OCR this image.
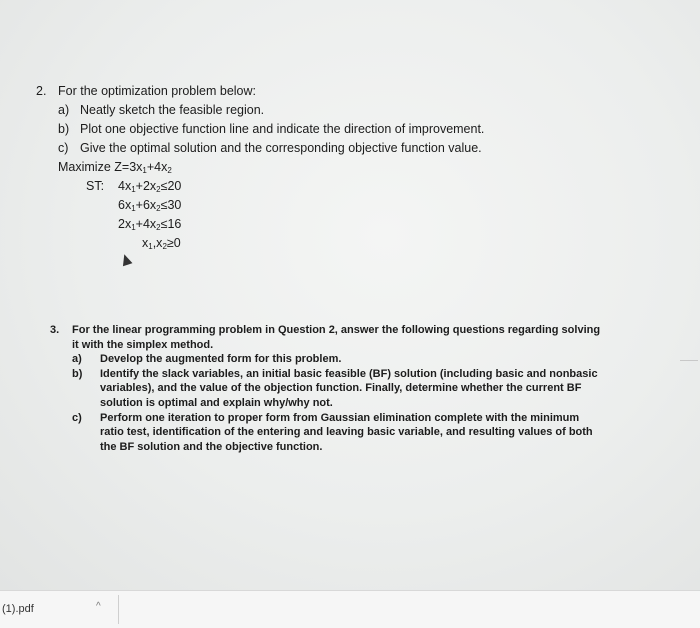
2. For the optimization problem below:
a) Neatly sketch the feasible region.
b) Plot one objective function line and indicate the direction of improvement.
c) Give the optimal solution and the corresponding objective function value.
Maximize $Z=3x_1+4x_2$
ST:	$4x_1+2x_2\le 20$
$6x_1+6x_2\le 30$
$2x_1+4x_2\le 16$
$x_1,x_2\ge 0$
3.	For the linear programming problem in Question 2, answer the following questions regarding solving
it with the simplex method.
a)	Develop the augmented form for this problem.
b)	Identify the slack variables, an initial basic feasible (BF) solution (including basic and nonbasic
variables), and the value of the objection function. Finally, determine whether the current BF
solution is optimal and explain why/why not.
c)	Perform one iteration to proper form from Gaussian elimination complete with the minimum
ratio test, identification of the entering and leaving basic variable, and resulting values of both
the BF solution and the objective function.
(1).pdf	^
